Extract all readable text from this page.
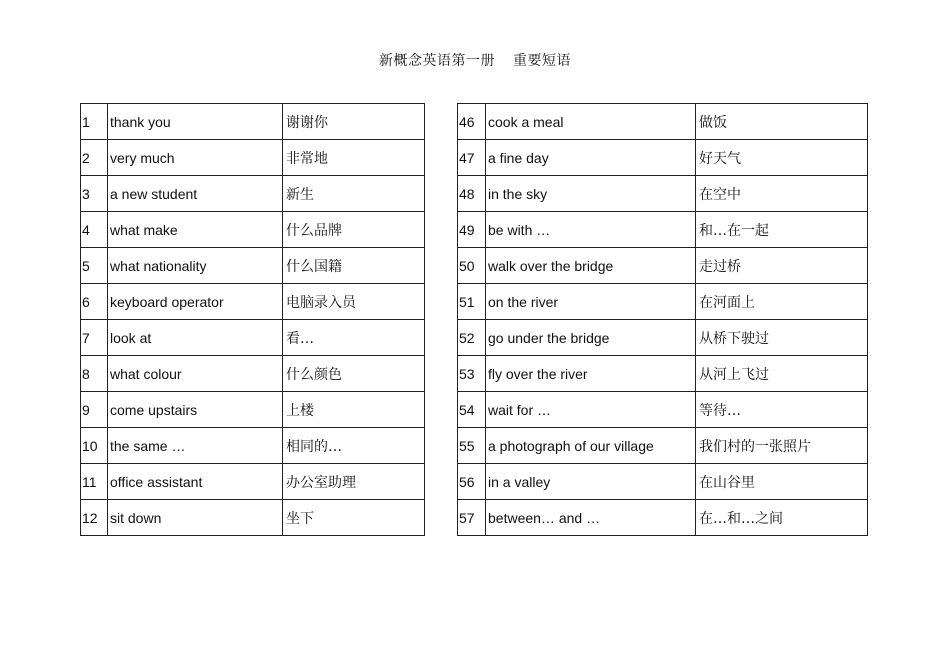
新概念英语第一册 重要短语
1	thank you	谢谢你
2	very much	非常地
3	a new student	新生
4	what make	什么品牌
5	what nationality	什么国籍
6	keyboard operator	电脑录入员
7	look at	看…
8	what colour	什么颜色
9	come upstairs	上楼
10	the same …	相同的…
11	office assistant	办公室助理
12	sit down	坐下
46	cook a meal	做饭
47	a fine day	好天气
48	in the sky	在空中
49	be with …	和…在一起
50	walk over the bridge	走过桥
51	on the river	在河面上
52	go under the bridge	从桥下驶过
53	fly over the river	从河上飞过
54	wait for …	等待…
55	a photograph of our village	我们村的一张照片
56	in a valley	在山谷里
57	between… and …	在…和…之间
